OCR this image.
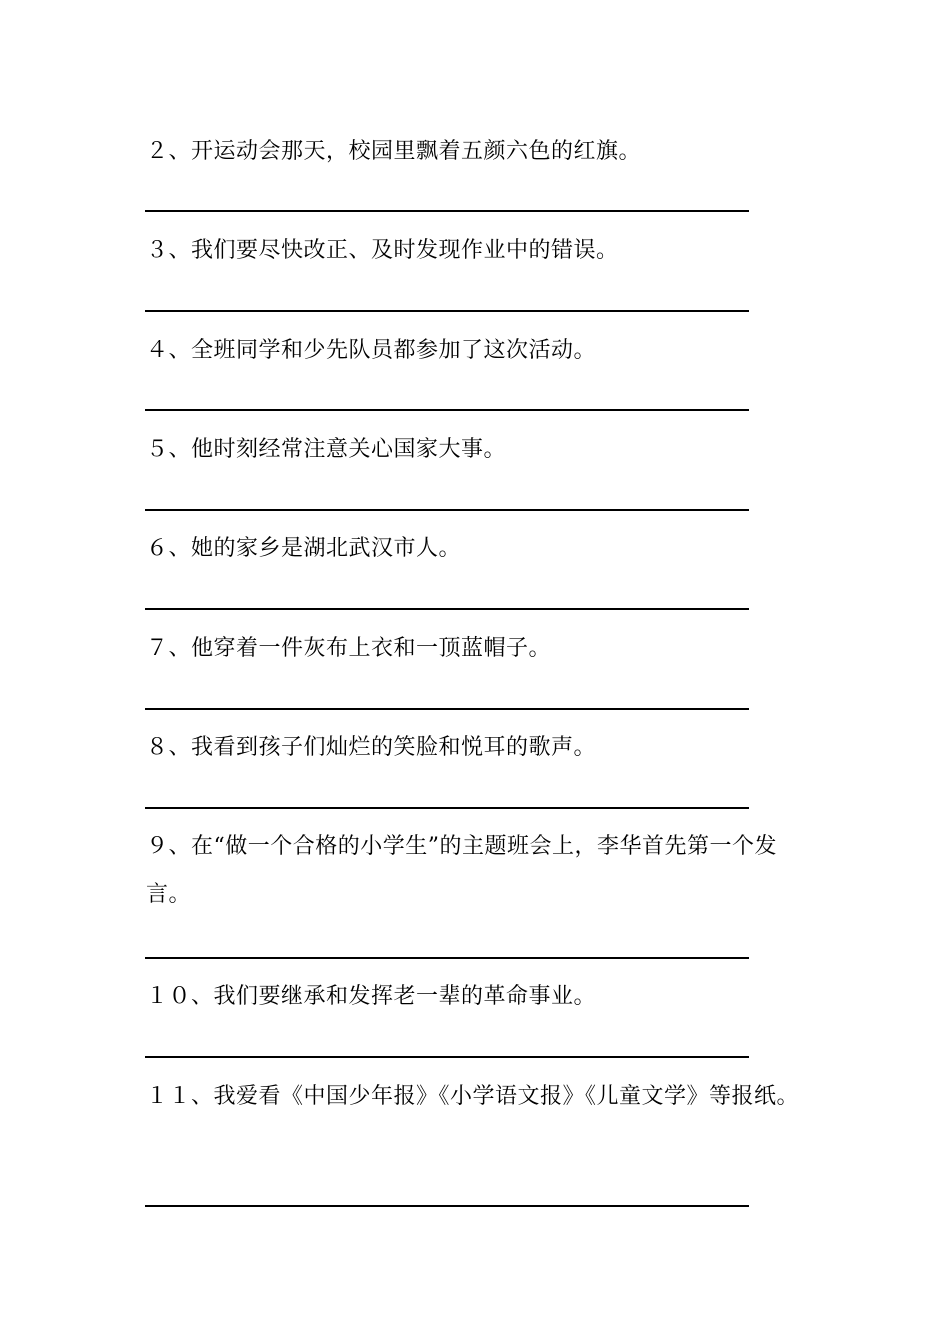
２、开运动会那天，校园里飘着五颜六色的红旗。
３、我们要尽快改正、及时发现作业中的错误。
４、全班同学和少先队员都参加了这次活动。
５、他时刻经常注意关心国家大事。
６、她的家乡是湖北武汉市人。
７、他穿着一件灰布上衣和一顶蓝帽子。
８、我看到孩子们灿烂的笑脸和悦耳的歌声。
９、在“做一个合格的小学生”的主题班会上，李华首先第一个发言。
１０、我们要继承和发挥老一辈的革命事业。
１１、我爱看《中国少年报》《小学语文报》《儿童文学》等报纸。
